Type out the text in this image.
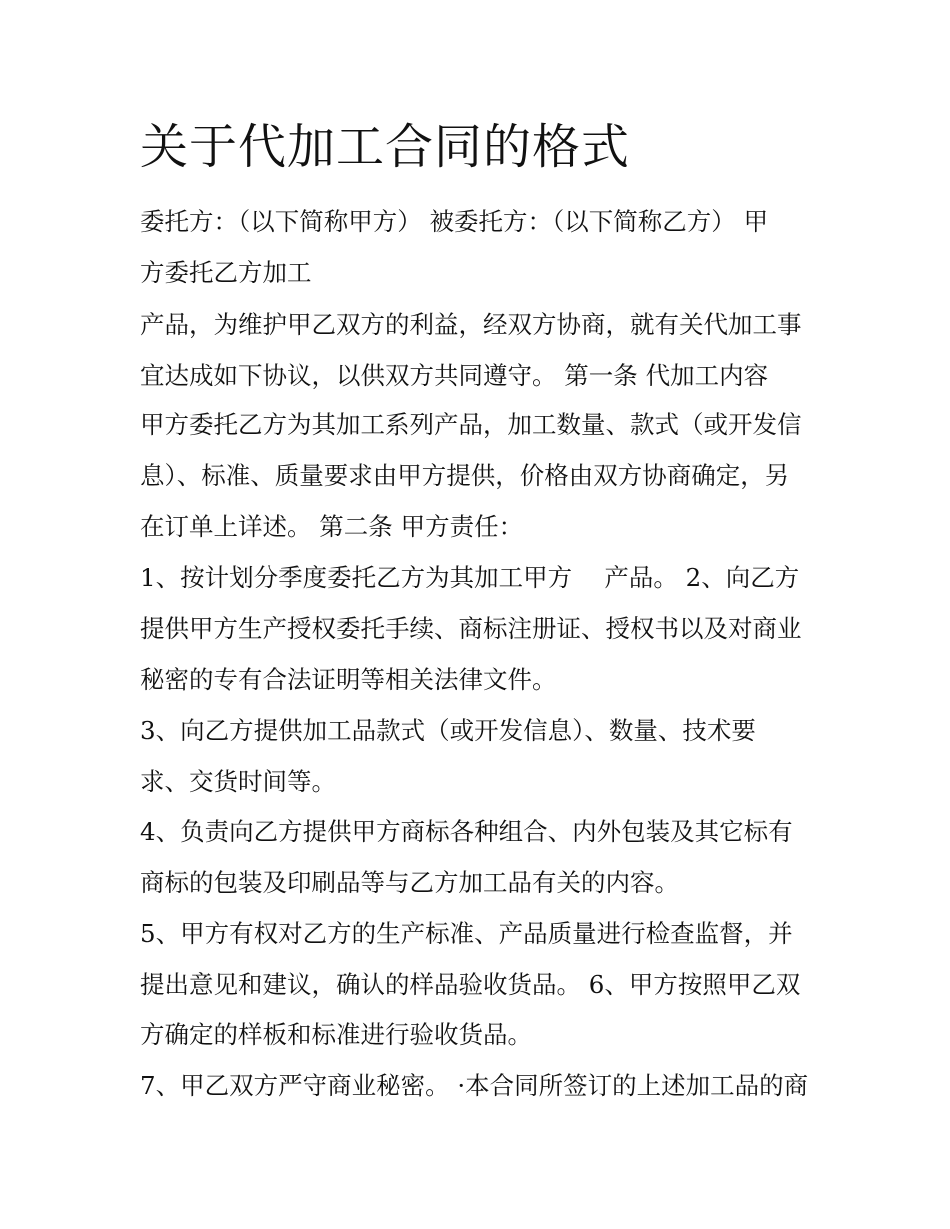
关于代加工合同的格式

委托方：（以下简称甲方） 被委托方：（以下简称乙方） 甲

方委托乙方加工

产品，为维护甲乙双方的利益，经双方协商，就有关代加工事

宜达成如下协议，以供双方共同遵守。 第一条 代加工内容

甲方委托乙方为其加工系列产品，加工数量、款式（或开发信

息）、标准、质量要求由甲方提供，价格由双方协商确定，另

在订单上详述。 第二条 甲方责任：

1、按计划分季度委托乙方为其加工甲方 　产品。 2、向乙方

提供甲方生产授权委托手续、商标注册证、授权书以及对商业

秘密的专有合法证明等相关法律文件。

3、向乙方提供加工品款式（或开发信息）、数量、技术要

求、交货时间等。

4、负责向乙方提供甲方商标各种组合、内外包装及其它标有

商标的包装及印刷品等与乙方加工品有关的内容。

5、甲方有权对乙方的生产标准、产品质量进行检查监督，并

提出意见和建议，确认的样品验收货品。 6、甲方按照甲乙双

方确定的样板和标准进行验收货品。

7、甲乙双方严守商业秘密。 ·本合同所签订的上述加工品的商
